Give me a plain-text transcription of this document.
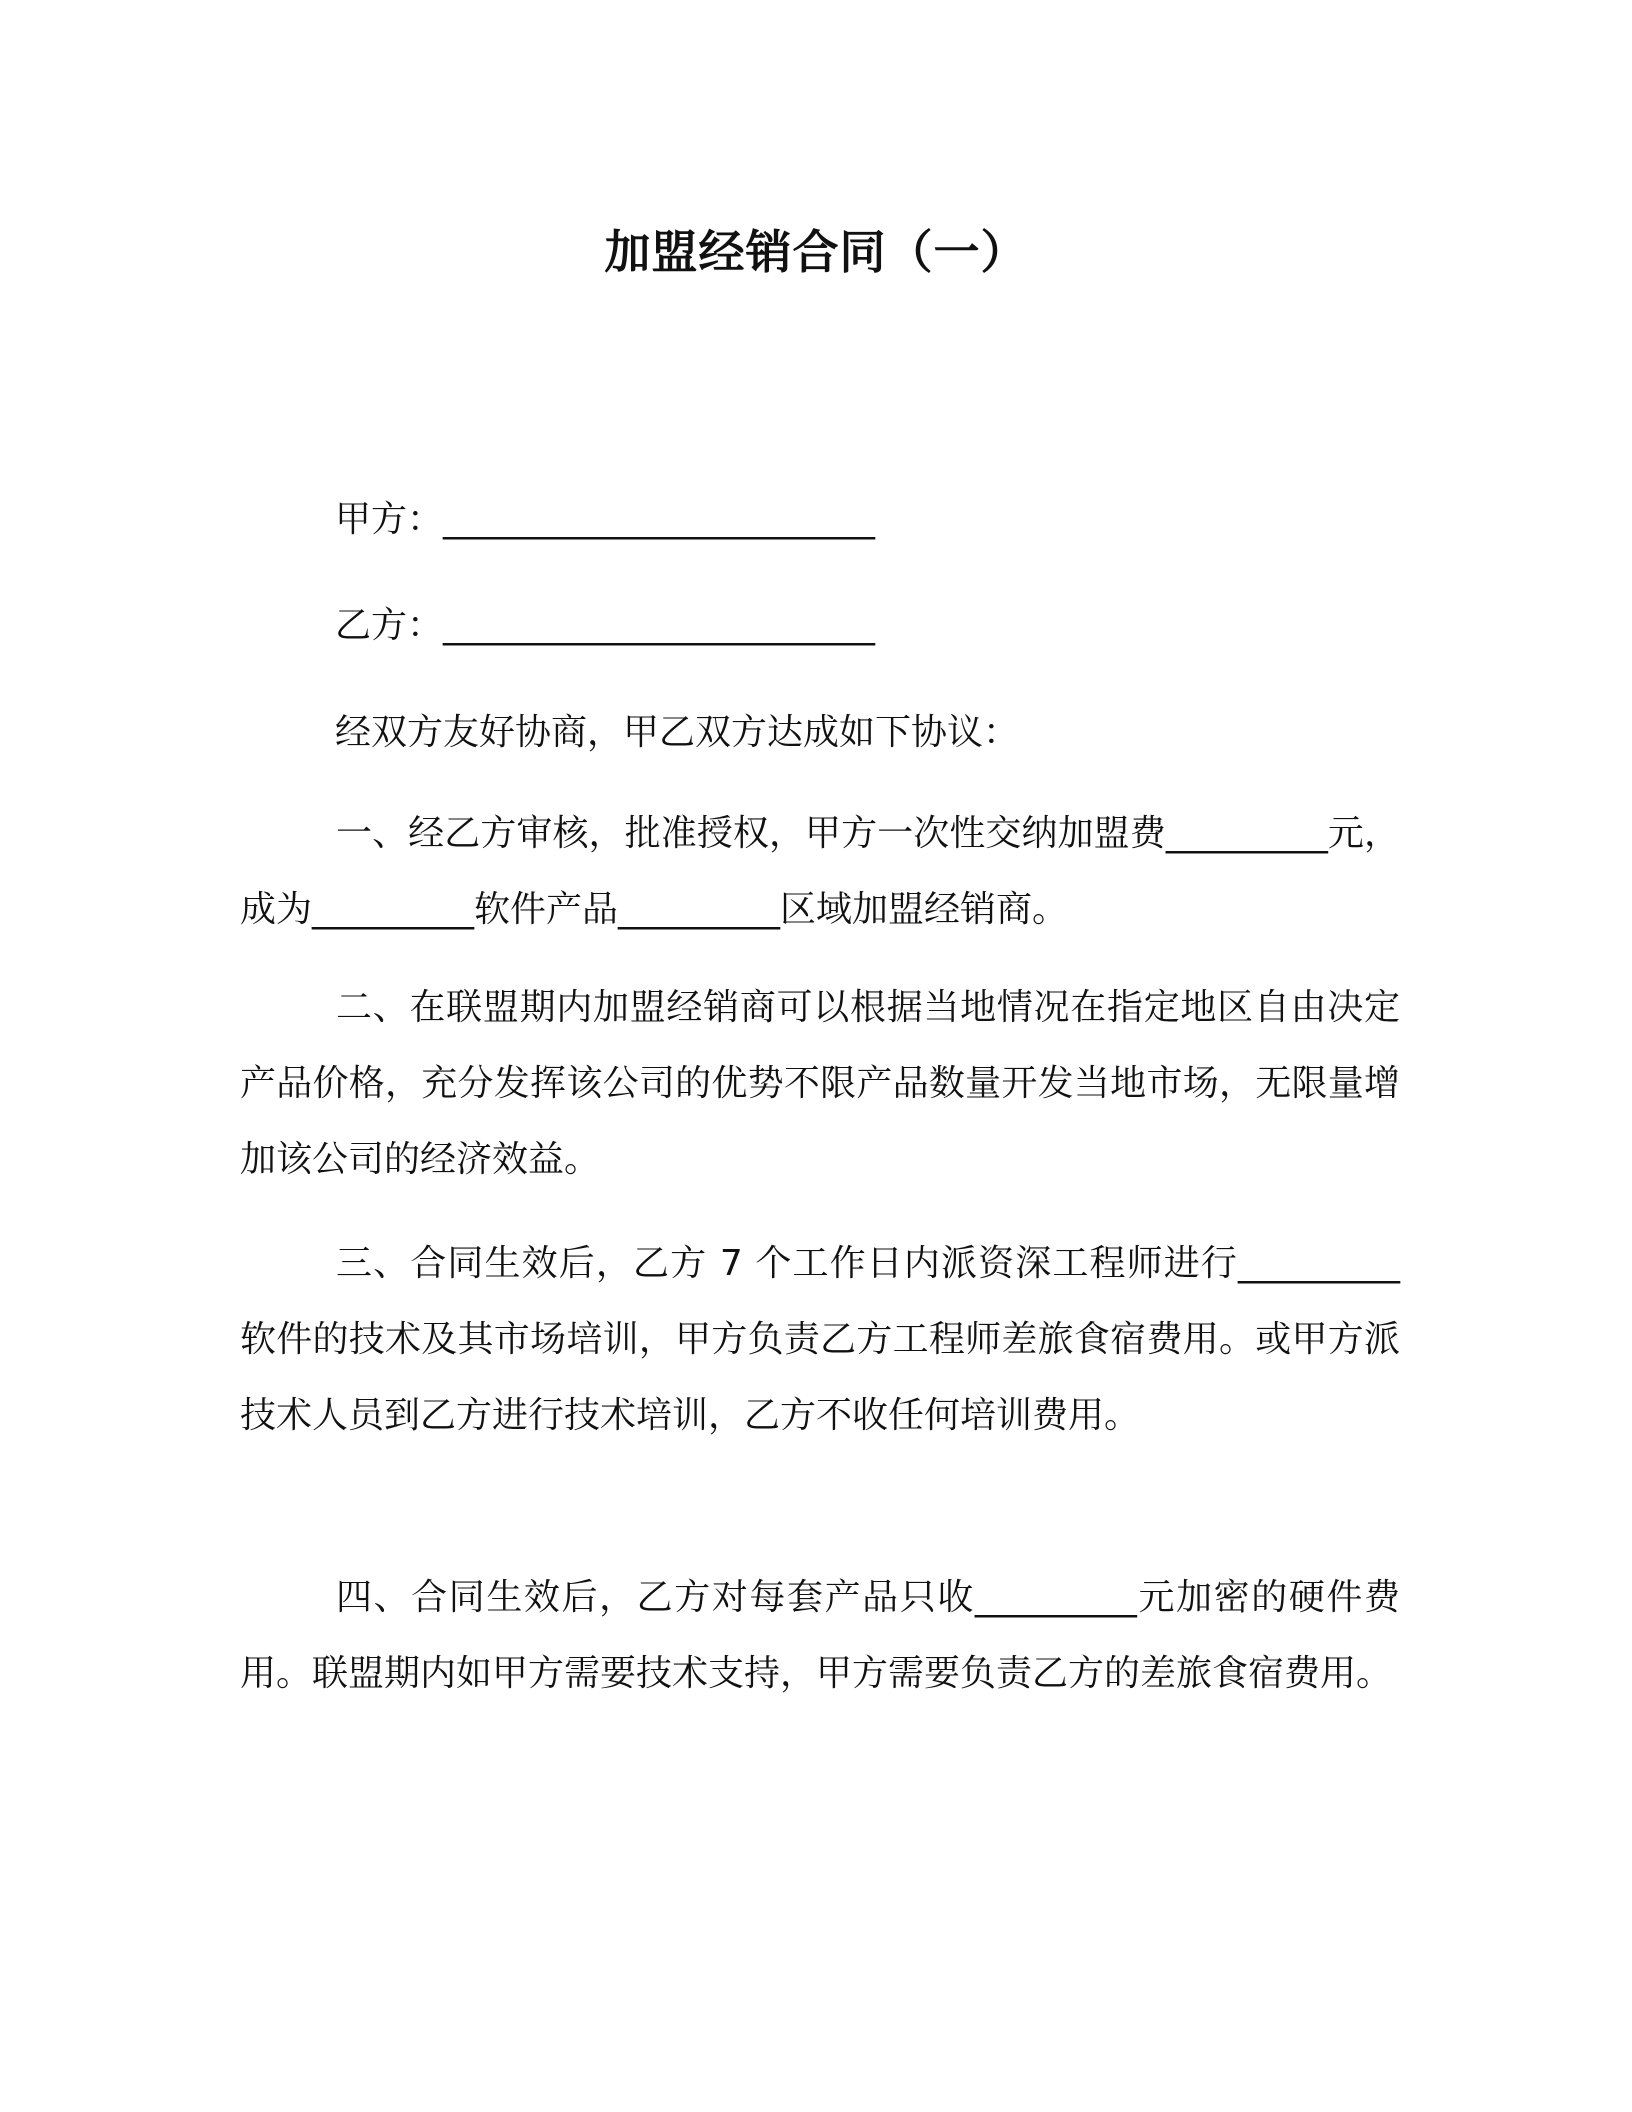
加盟经销合同（一）
甲方：________________________
乙方：________________________
经双方友好协商，甲乙双方达成如下协议：
一、经乙方审核，批准授权，甲方一次性交纳加盟费_________元，成为_________软件产品_________区域加盟经销商。
二、在联盟期内加盟经销商可以根据当地情况在指定地区自由决定产品价格，充分发挥该公司的优势不限产品数量开发当地市场，无限量增加该公司的经济效益。
三、合同生效后，乙方 7 个工作日内派资深工程师进行_________软件的技术及其市场培训，甲方负责乙方工程师差旅食宿费用。或甲方派技术人员到乙方进行技术培训，乙方不收任何培训费用。
四、合同生效后，乙方对每套产品只收_________元加密的硬件费用。联盟期内如甲方需要技术支持，甲方需要负责乙方的差旅食宿费用。
